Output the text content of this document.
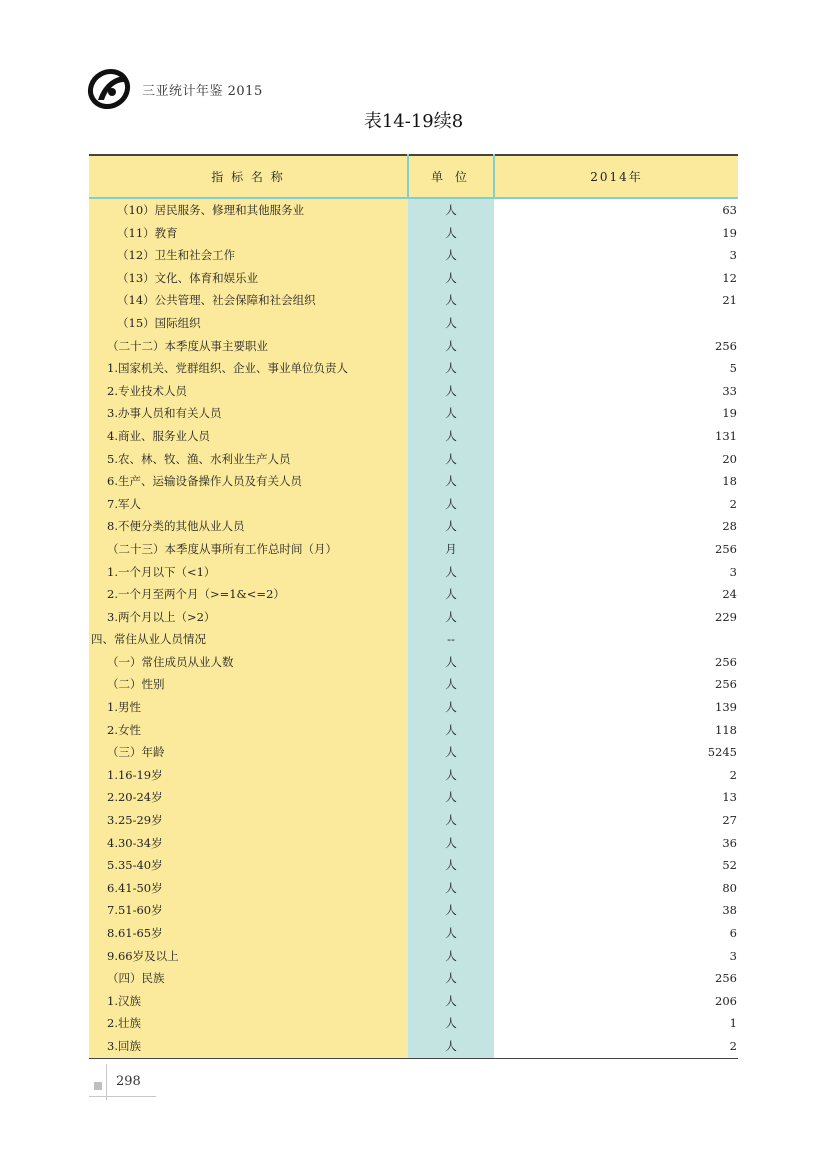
三亚统计年鉴 2015
表14-19续8
指 标 名 称	单 位	2014年
（10）居民服务、修理和其他服务业	人	63
（11）教育	人	19
（12）卫生和社会工作	人	3
（13）文化、体育和娱乐业	人	12
（14）公共管理、社会保障和社会组织	人	21
（15）国际组织	人	
（二十二）本季度从事主要职业	人	256
1.国家机关、党群组织、企业、事业单位负责人	人	5
2.专业技术人员	人	33
3.办事人员和有关人员	人	19
4.商业、服务业人员	人	131
5.农、林、牧、渔、水利业生产人员	人	20
6.生产、运输设备操作人员及有关人员	人	18
7.军人	人	2
8.不便分类的其他从业人员	人	28
（二十三）本季度从事所有工作总时间（月）	月	256
1.一个月以下（<1）	人	3
2.一个月至两个月（>=1&<=2）	人	24
3.两个月以上（>2）	人	229
四、常住从业人员情况	--	
（一）常住成员从业人数	人	256
（二）性别	人	256
1.男性	人	139
2.女性	人	118
（三）年龄	人	5245
1.16-19岁	人	2
2.20-24岁	人	13
3.25-29岁	人	27
4.30-34岁	人	36
5.35-40岁	人	52
6.41-50岁	人	80
7.51-60岁	人	38
8.61-65岁	人	6
9.66岁及以上	人	3
（四）民族	人	256
1.汉族	人	206
2.壮族	人	1
3.回族	人	2
298
